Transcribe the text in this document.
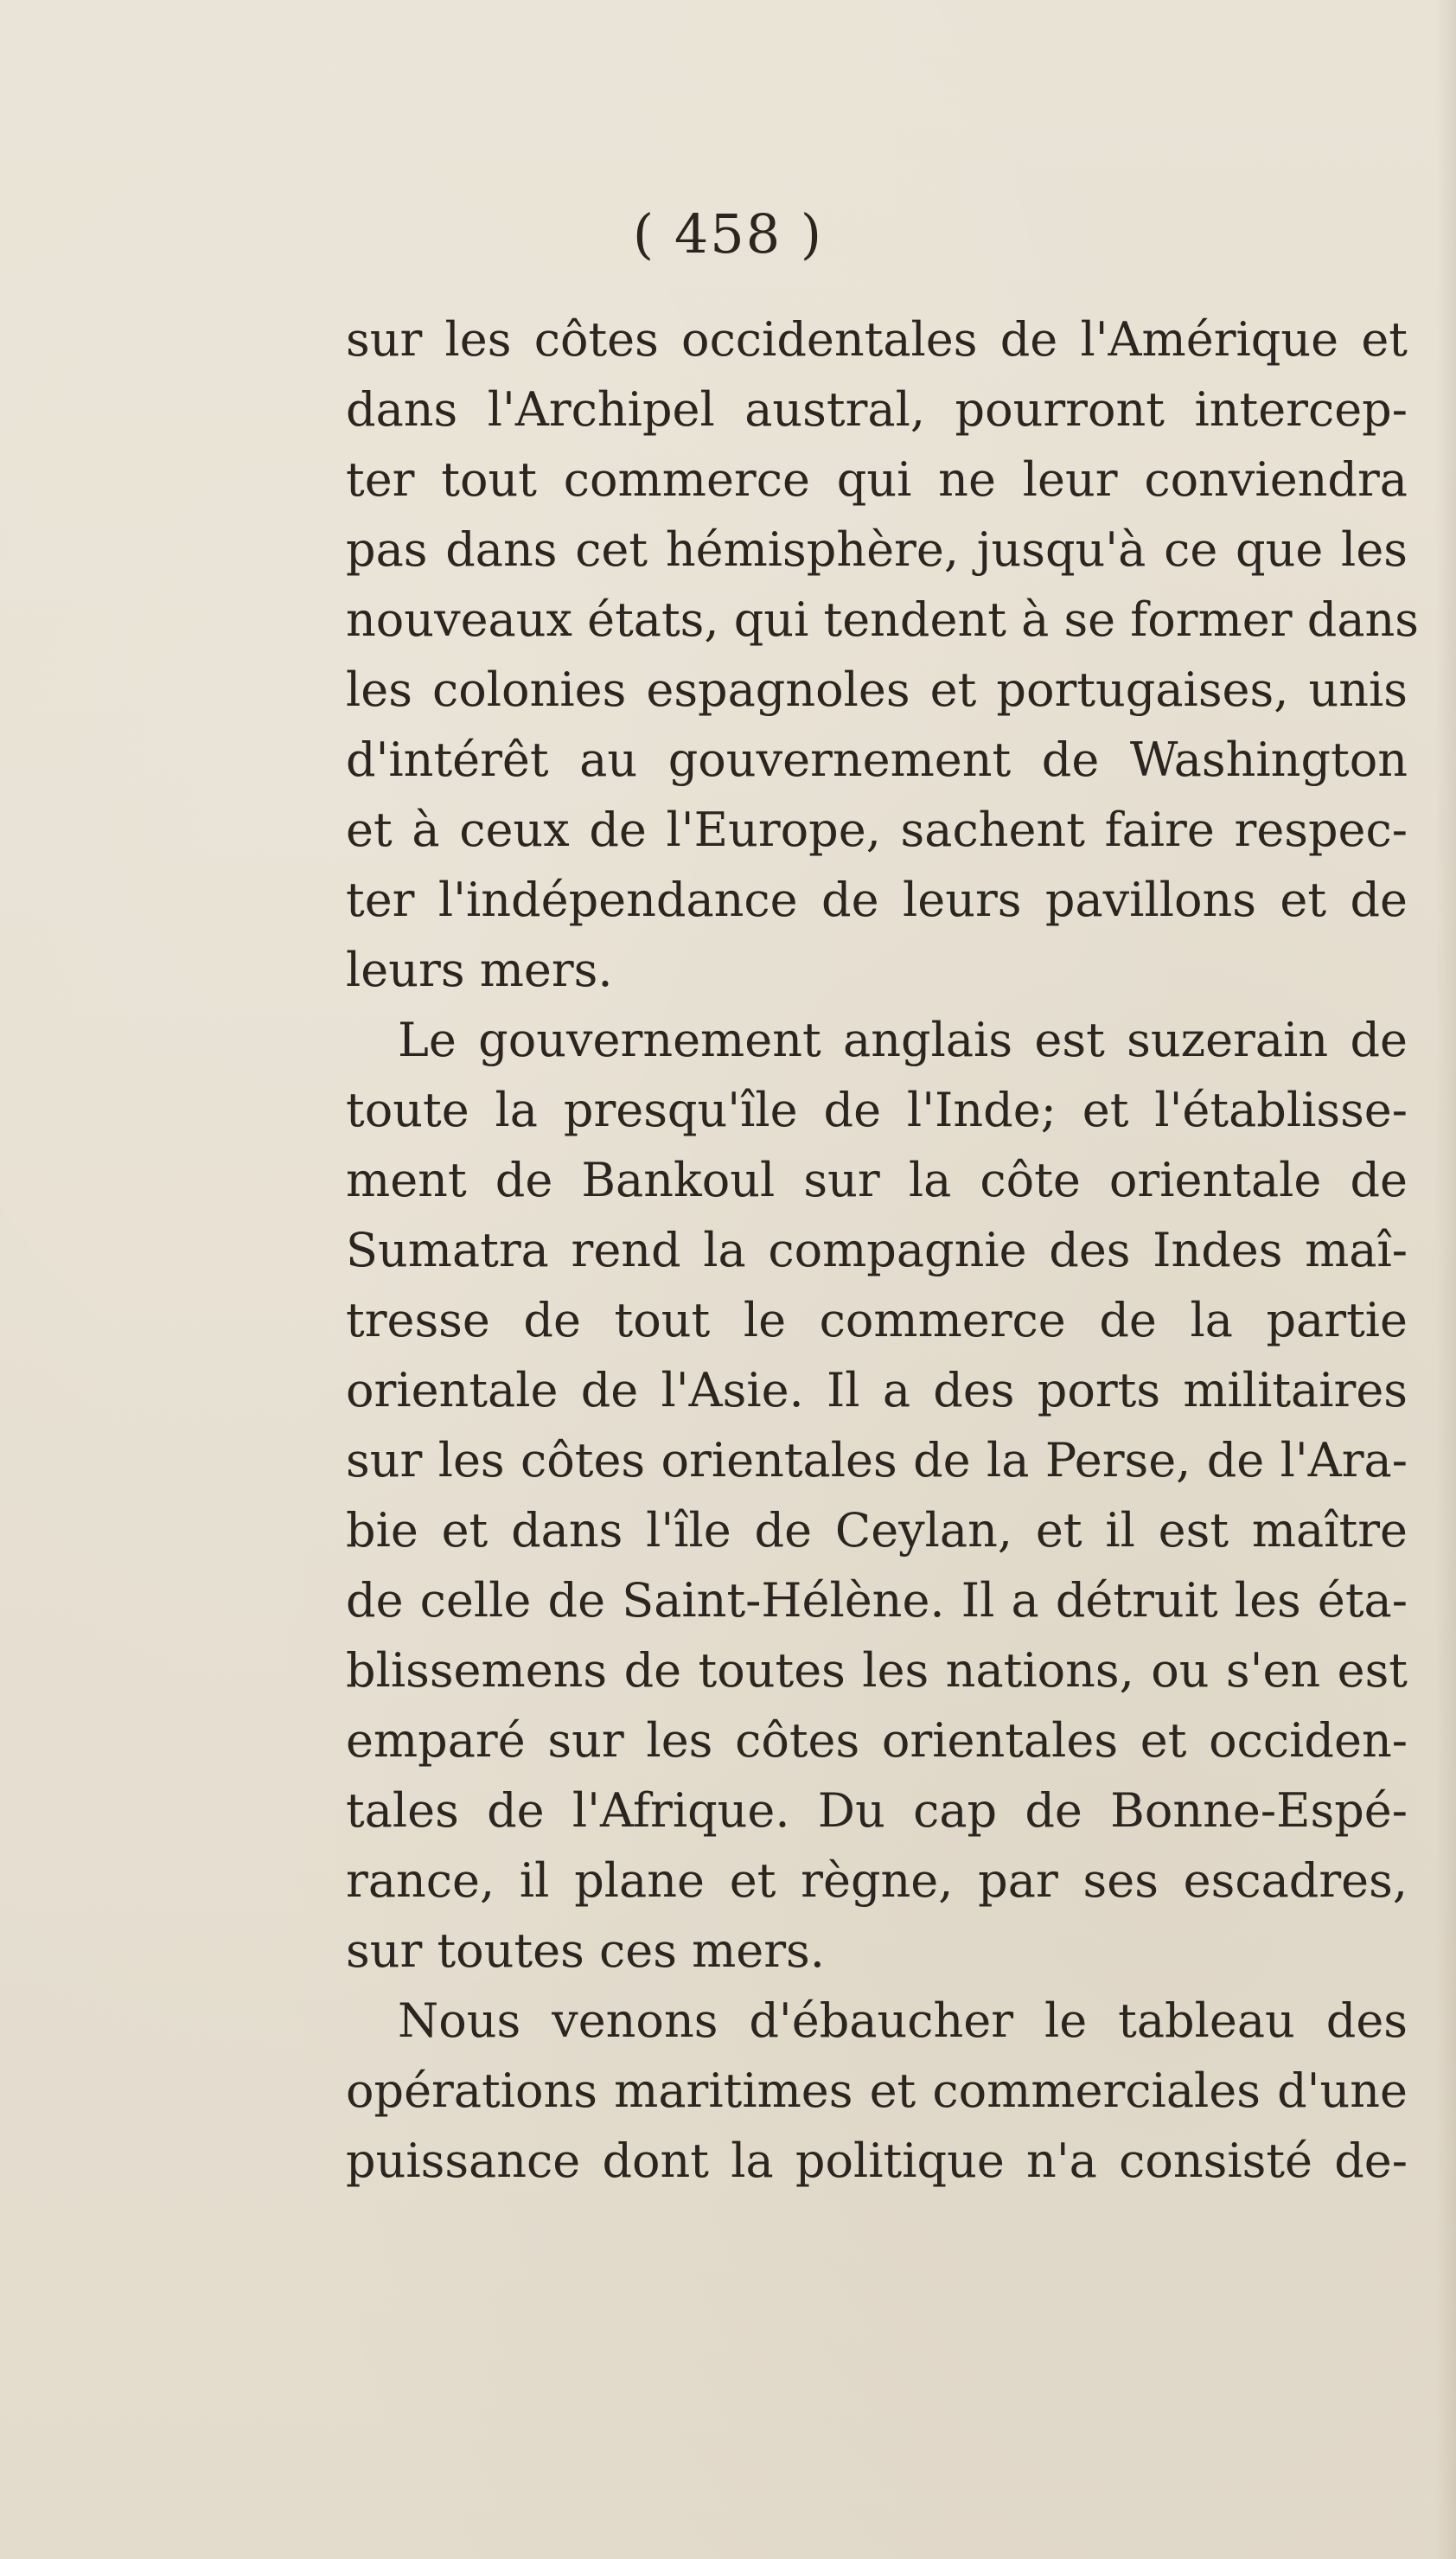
( 458 )
sur les côtes occidentales de l'Amérique et
dans l'Archipel austral, pourront intercep-
ter tout commerce qui ne leur conviendra
pas dans cet hémisphère, jusqu'à ce que les
nouveaux états, qui tendent à se former dans
les colonies espagnoles et portugaises, unis
d'intérêt au gouvernement de Washington
et à ceux de l'Europe, sachent faire respec-
ter l'indépendance de leurs pavillons et de
leurs mers.
Le gouvernement anglais est suzerain de
toute la presqu'île de l'Inde; et l'établisse-
ment de Bankoul sur la côte orientale de
Sumatra rend la compagnie des Indes maî-
tresse de tout le commerce de la partie
orientale de l'Asie. Il a des ports militaires
sur les côtes orientales de la Perse, de l'Ara-
bie et dans l'île de Ceylan, et il est maître
de celle de Saint-Hélène. Il a détruit les éta-
blissemens de toutes les nations, ou s'en est
emparé sur les côtes orientales et occiden-
tales de l'Afrique. Du cap de Bonne-Espé-
rance, il plane et règne, par ses escadres,
sur toutes ces mers.
Nous venons d'ébaucher le tableau des
opérations maritimes et commerciales d'une
puissance dont la politique n'a consisté de-
